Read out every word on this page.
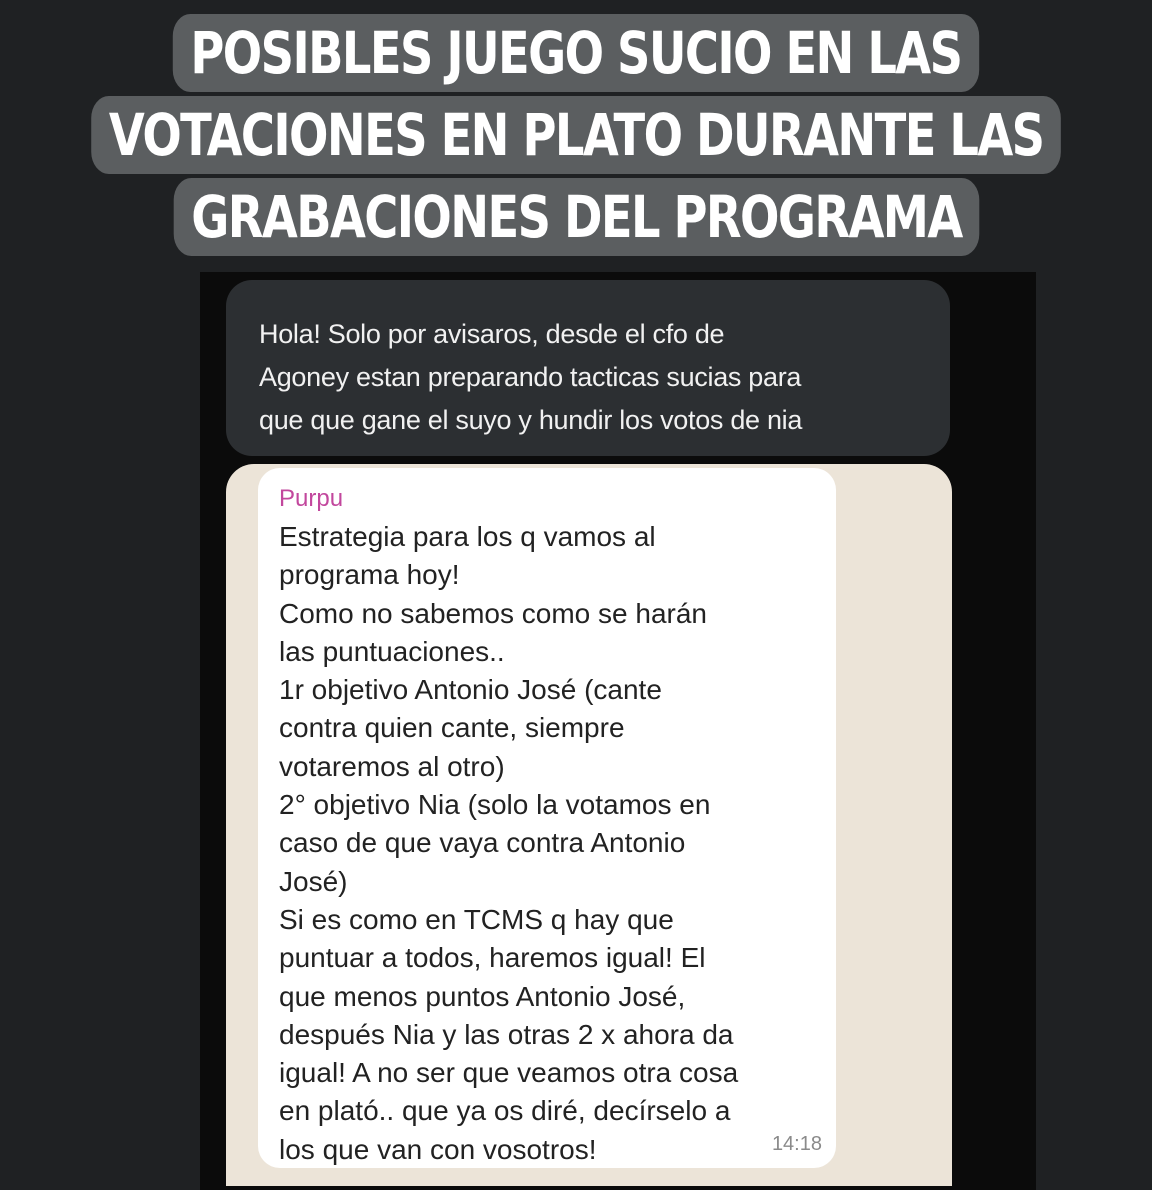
POSIBLES JUEGO SUCIO EN LAS
VOTACIONES EN PLATO DURANTE LAS
GRABACIONES DEL PROGRAMA

Hola! Solo por avisaros, desde el cfo de
Agoney estan preparando tacticas sucias para
que que gane el suyo y hundir los votos de nia

Purpu

Estrategia para los q vamos al
programa hoy!
Como no sabemos como se harán
las puntuaciones..
1r objetivo Antonio José (cante
contra quien cante, siempre
votaremos al otro)
2° objetivo Nia (solo la votamos en
caso de que vaya contra Antonio
José)
Si es como en TCMS q hay que
puntuar a todos, haremos igual! El
que menos puntos Antonio José,
después Nia y las otras 2 x ahora da
igual! A no ser que veamos otra cosa
en plató.. que ya os diré, decírselo a
los que van con vosotros!	14:18
